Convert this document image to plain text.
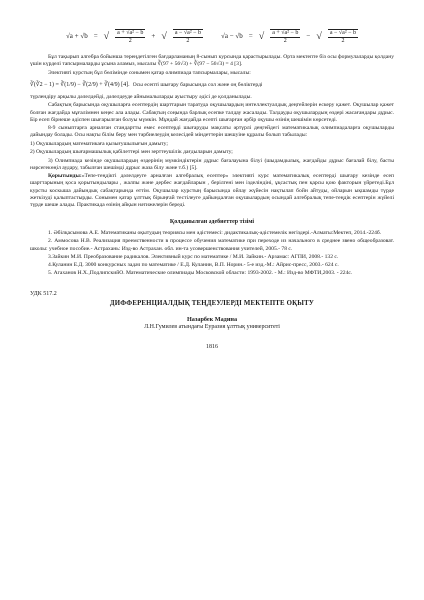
√a + √b = √ $\frac{\text{a + √a² − b}}{2}$ + √ $\frac{\text{a − √a² − b}}{2}$	√a − √b = √ $\frac{\text{a + √a² − b}}{2}$ − √ $\frac{\text{a − √a² − b}}{2}$

Бұл тақырып алгебра бойынша тереңдетілген бағдарламаның 8-сынып курсында қарастырылады. Орта мектепте біз осы формулаларды қолдану үшін күрделі тапсырмаларды ұсына аламыз, мысалы ∛(97 + 56√3) + ∛(97 − 56√3) = 4 [3].

Элективті курстың бұл бөлімінде сонымен қатар олимпиада тапсырмалары, мысалы:

∛(∛2 − 1) = ∛(1/9) − ∛(2/9) + ∛(4/9) [4]. Осы есепті шығару барысында сол және оң бөліктерді

түрлендіру арқылы дәлелдейді, дәлелдеуде айнымалыларды ауыстыру әдісі де қолданылады.

Сабақтың барысында оқушыларға есептердің шарттарын таратуда оқушылардың интеллектуалдық деңгейлерін ескеру қажет. Оқушылар қажет болған жағдайда мұғалімнен кеңес ала алады. Сабақтың соңында барлық есепке талдау жасалады. Талдауды оқушылардың өздері жасағандары дұрыс. Бір есеп бірнеше әдіспен шығарылған болуы мүмкін. Мұндай жағдайда есепті шығарған әрбір оқушы өзінің шешімін көрсетеді.

8-9 сыныптарға арналған стандартты емес есептерді шығаруды мақсаты әртүрлі деңгейдегі математикалық олимпиадаларға оқушыларды дайындау болады. Осы нақты білім беру мен тәрбиелеудің келесідей міндеттерін шешуіне құралы болып табылады:

1) Оқушылардың математикаға қызығушылығын дамыту;

2) Оқушылардың шығармашылық қабілеттері мен зерттеушілік дағдыларын дамыту;

3) Олимпиада кезінде оқушылардың өздерінің мүмкіндіктерін дұрыс бағалауына білуі (шыдамдылық, жағдайды дұрыс бағалай білу, басты нәрсегекөңіл аудару, табылған шешімді дұрыс жаза білу және т.б.) [5].

Қорытынды:«Тепе-теңдікті дәлелдеуге арналған алгебралық есептер» элективті курс математикалық есептерді шығару кезінде есеп шарттарының қоса қорытындылары , жалпы және дербес жағдайларын , берілгені мен ізделіндіні, ұқсастық пен қарсы қою факторын үйретеді.Бұл курсты коскыша дайындық сабақтарында өттім. Оқушылар курстың барысында ойлау жүйесін нақтылап бойн айтуды, ойларын ықшамды түрде жеткізуді қалыптастырды. Сонымен қатар ұлттық бірыңғай тестілеуге дайындалған оқушылардың осындай алгебралық тепе-теңдік есептерін жүйелі түрде шеше алады. Практикада өзінің айқын нәтижелерін береді.

Қолданылған әдебиеттер тізімі
1. Әбілқасымова А.Е. Математиканы оқытудың теориясы мен әдістемесі: дидактикалық-әдістемелік негіздері.-Алматы:Мектеп, 2014.-224б.
2. Аммосова Н.В. Реализация преемственности в процессе обучения математике при переходе из начального в среднее звено общеобразоват. школы: учебное пособие.- Астрахань: Изд-во Астрахан. обл. ин-та усовершенствования учителей, 2005.- 78 с.
3.Зайкин М.И. Преобразование радикалов. Элективный курс по математике / М.И. Зайкин.- Арзамас: АГПИ, 2008.- 132 с.
4.Кулaнин Е.Д. 3000 конкурсных задач по математике / Е.Д. Куланин, В.П. Норин.- 5-е изд.-М.: Айрис-пресс, 2003.- 624 с.
5. Агаханов Н.Х.,ПодлипскийО. Математические олимпиады Московской области: 1993-2002. - М.: Изд-во МФТИ,2003. - 224с.
УДК 517.2
ДИФФЕРЕНЦИАЛДЫҚ ТЕҢДЕУЛЕРДІ МЕКТЕПТЕ ОҚЫТУ
Назарбек Мадина
Л.Н.Гумилев атындағы Еуразия ұлттық университеті
1816
